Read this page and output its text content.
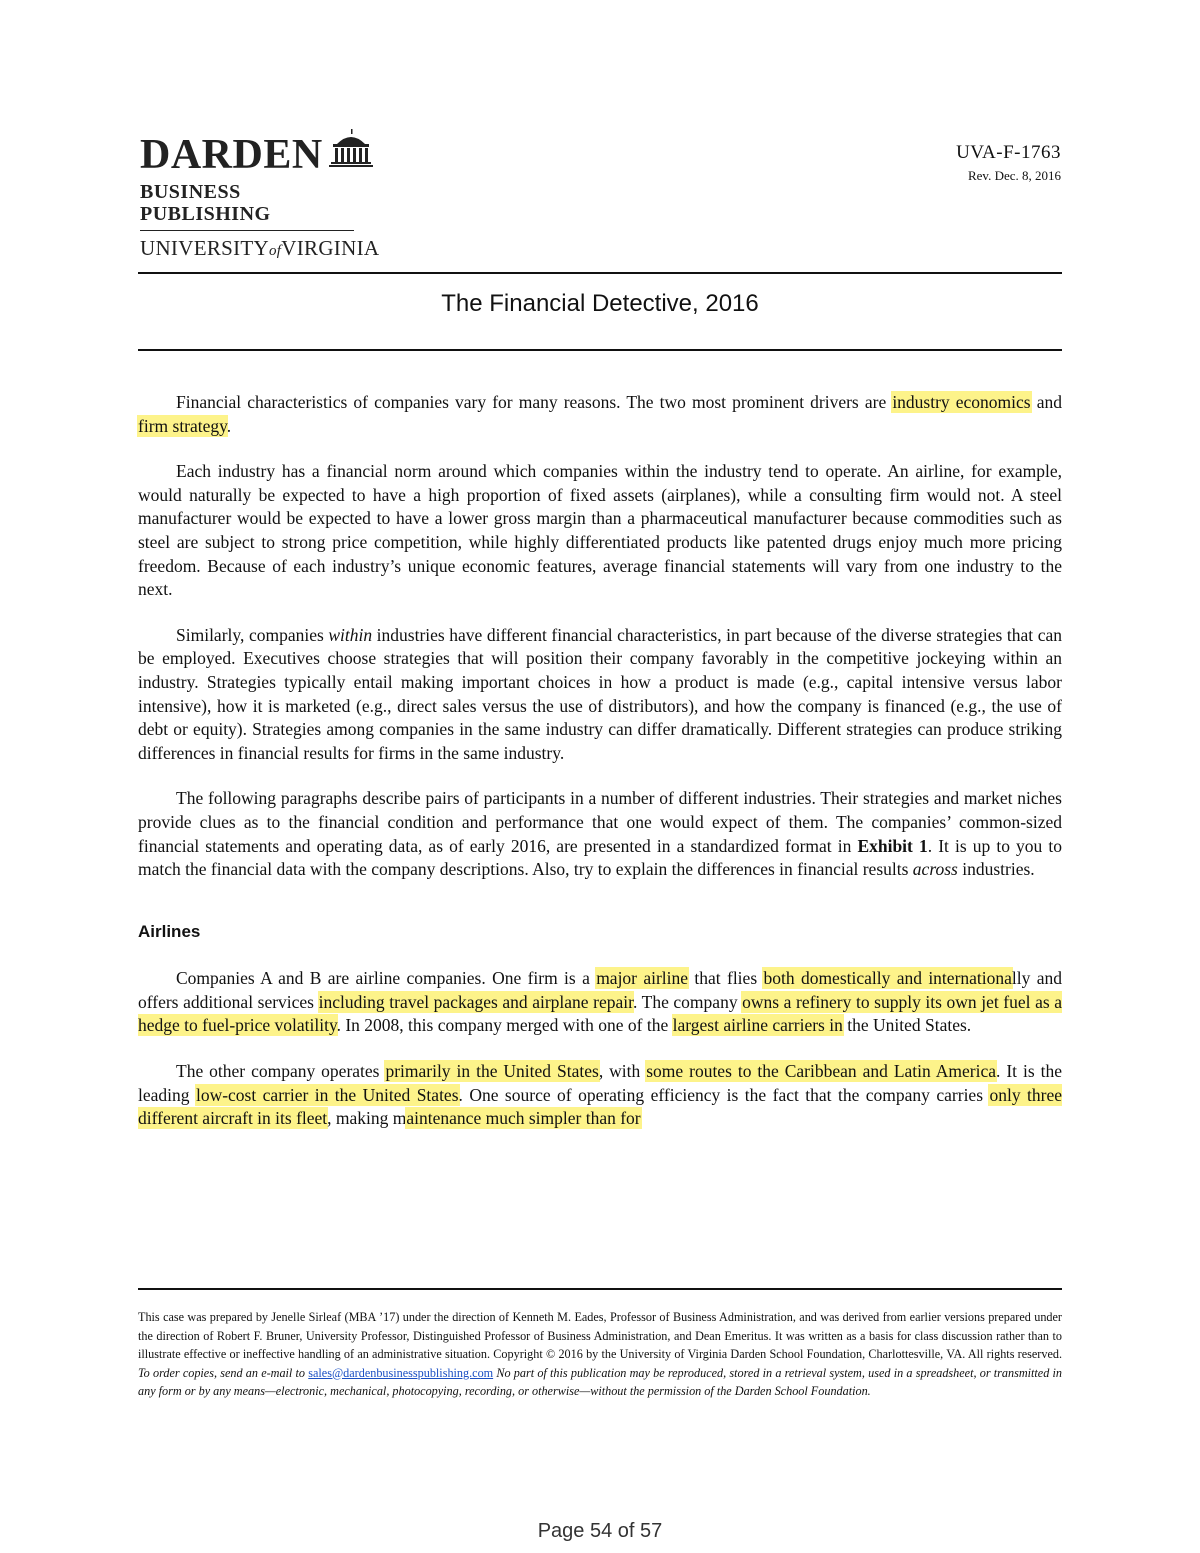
DARDEN
BUSINESS PUBLISHING
UNIVERSITYofVIRGINIA
UVA-F-1763
Rev. Dec. 8, 2016
The Financial Detective, 2016

Financial characteristics of companies vary for many reasons. The two most prominent drivers are industry economics and firm strategy.

Each industry has a financial norm around which companies within the industry tend to operate. An airline, for example, would naturally be expected to have a high proportion of fixed assets (airplanes), while a consulting firm would not. A steel manufacturer would be expected to have a lower gross margin than a pharmaceutical manufacturer because commodities such as steel are subject to strong price competition, while highly differentiated products like patented drugs enjoy much more pricing freedom. Because of each industry’s unique economic features, average financial statements will vary from one industry to the next.

Similarly, companies within industries have different financial characteristics, in part because of the diverse strategies that can be employed. Executives choose strategies that will position their company favorably in the competitive jockeying within an industry. Strategies typically entail making important choices in how a product is made (e.g., capital intensive versus labor intensive), how it is marketed (e.g., direct sales versus the use of distributors), and how the company is financed (e.g., the use of debt or equity). Strategies among companies in the same industry can differ dramatically. Different strategies can produce striking differences in financial results for firms in the same industry.

The following paragraphs describe pairs of participants in a number of different industries. Their strategies and market niches provide clues as to the financial condition and performance that one would expect of them. The companies’ common-sized financial statements and operating data, as of early 2016, are presented in a standardized format in Exhibit 1. It is up to you to match the financial data with the company descriptions. Also, try to explain the differences in financial results across industries.

Airlines

Companies A and B are airline companies. One firm is a major airline that flies both domestically and internationally and offers additional services including travel packages and airplane repair. The company owns a refinery to supply its own jet fuel as a hedge to fuel-price volatility. In 2008, this company merged with one of the largest airline carriers in the United States.

The other company operates primarily in the United States, with some routes to the Caribbean and Latin America. It is the leading low-cost carrier in the United States. One source of operating efficiency is the fact that the company carries only three different aircraft in its fleet, making maintenance much simpler than for

This case was prepared by Jenelle Sirleaf (MBA ’17) under the direction of Kenneth M. Eades, Professor of Business Administration, and was derived from earlier versions prepared under the direction of Robert F. Bruner, University Professor, Distinguished Professor of Business Administration, and Dean Emeritus. It was written as a basis for class discussion rather than to illustrate effective or ineffective handling of an administrative situation. Copyright © 2016 by the University of Virginia Darden School Foundation, Charlottesville, VA. All rights reserved. To order copies, send an e-mail to sales@dardenbusinesspublishing.com No part of this publication may be reproduced, stored in a retrieval system, used in a spreadsheet, or transmitted in any form or by any means—electronic, mechanical, photocopying, recording, or otherwise—without the permission of the Darden School Foundation.
Page 54 of 57
